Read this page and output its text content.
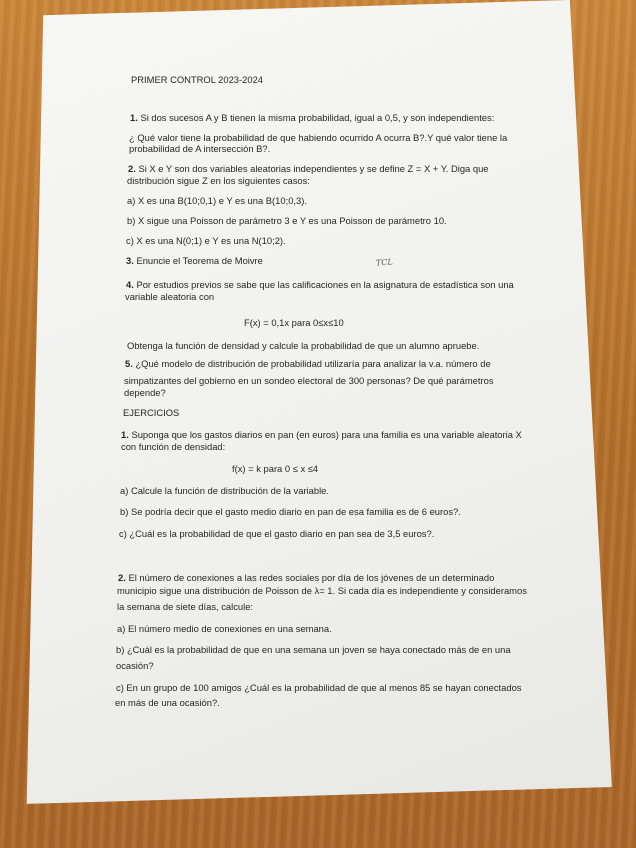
PRIMER CONTROL 2023-2024
1. Si dos sucesos A y B tienen la misma probabilidad, igual a 0,5, y son independientes:
¿ Qué valor tiene la probabilidad de que habiendo ocurrido A ocurra B?.Y qué valor tiene la
probabilidad de A intersección B?.
2. Si X e Y son dos variables aleatorias independientes y se define Z = X + Y. Diga que
distribución sigue Z en los siguientes casos:
a) X es una B(10;0,1) e Y es una B(10;0,3).
b) X sigue una Poisson de parámetro 3 e Y es una Poisson de parámetro 10.
c) X es una N(0;1) e Y es una N(10;2).
3. Enuncie el Teorema de Moivre	TCL
4. Por estudios previos se sabe que las calificaciones en la asignatura de estadística son una
variable aleatoria con
F(x) = 0,1x para 0≤x≤10
Obtenga la función de densidad y calcule la probabilidad de que un alumno apruebe.
5. ¿Qué modelo de distribución de probabilidad utilizaría para analizar la v.a. número de
simpatizantes del gobierno en un sondeo electoral de 300 personas? De qué parámetros
depende?
EJERCICIOS
1. Suponga que los gastos diarios en pan (en euros) para una familia es una variable aleatoria X
con función de densidad:
f(x) = k para 0 ≤ x ≤4
a) Calcule la función de distribución de la variable.
b) Se podría decir que el gasto medio diario en pan de esa familia es de 6 euros?.
c) ¿Cuál es la probabilidad de que el gasto diario en pan sea de 3,5 euros?.
2. El número de conexiones a las redes sociales por día de los jóvenes de un determinado
municipio sigue una distribución de Poisson de λ= 1. Si cada día es independiente y consideramos
la semana de siete días, calcule:
a) El número medio de conexiones en una semana.
b) ¿Cuál es la probabilidad de que en una semana un joven se haya conectado más de en una
ocasión?
c) En un grupo de 100 amigos ¿Cuál es la probabilidad de que al menos 85 se hayan conectados
en más de una ocasión?.
